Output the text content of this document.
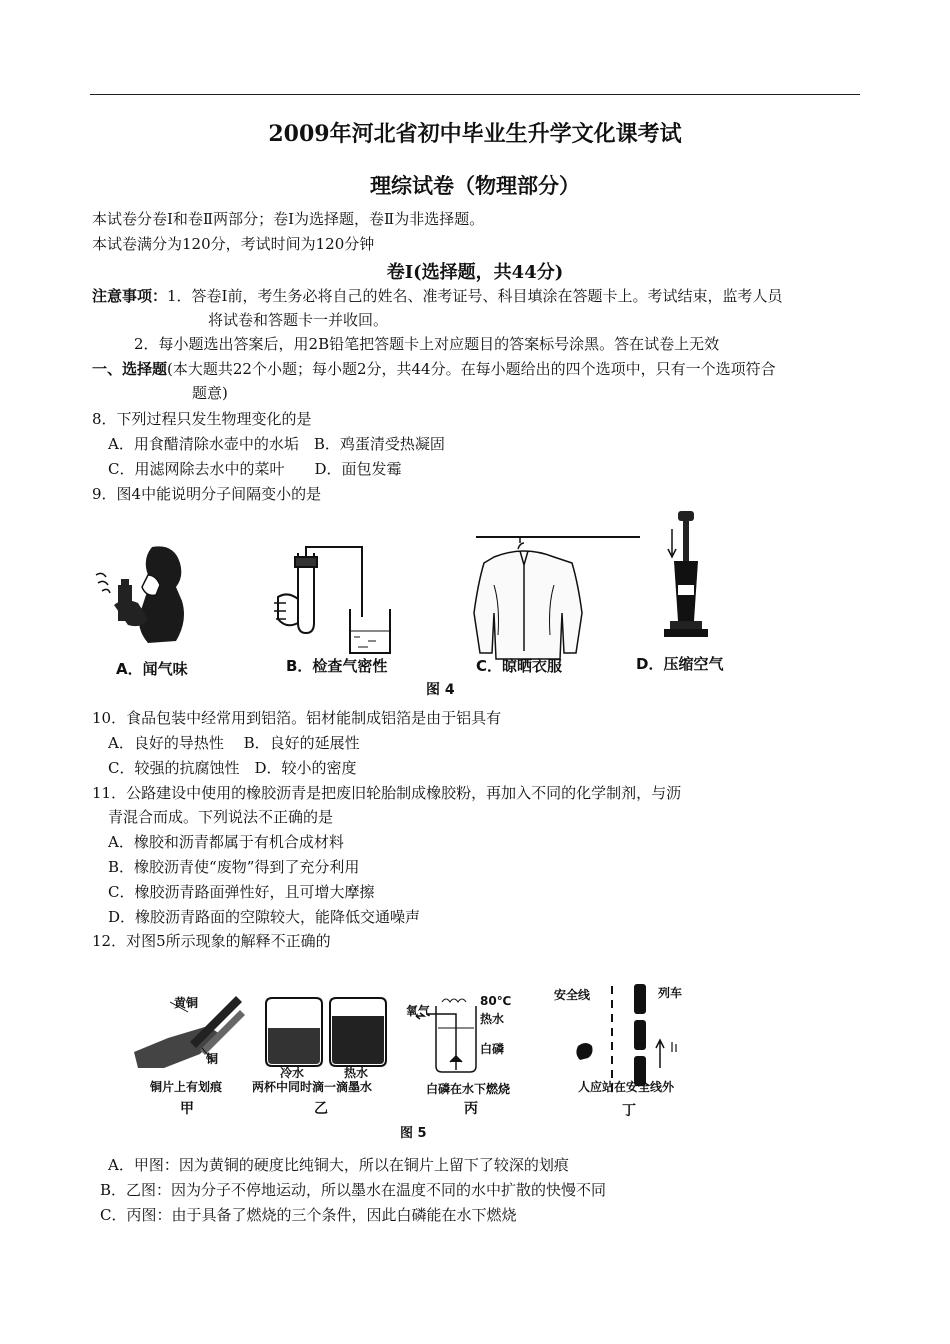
2009年河北省初中毕业生升学文化课考试
理综试卷（物理部分）
本试卷分卷I和卷Ⅱ两部分；卷I为选择题，卷Ⅱ为非选择题。
本试卷满分为120分，考试时间为120分钟
卷Ⅰ(选择题，共44分)
注意事项：1．答卷I前，考生务必将自己的姓名、准考证号、科目填涂在答题卡上。考试结束，监考人员
将试卷和答题卡一并收回。
2．每小题选出答案后，用2B铅笔把答题卡上对应题目的答案标号涂黑。答在试卷上无效
一、选择题(本大题共22个小题；每小题2分，共44分。在每小题给出的四个选项中，只有一个选项符合
题意)
8．下列过程只发生物理变化的是
A．用食醋清除水壶中的水垢　B．鸡蛋清受热凝固
C．用滤网除去水中的菜叶　　D．面包发霉
9．图4中能说明分子间隔变小的是
A．闻气味	B．检查气密性	C．晾晒衣服	D．压缩空气
图 4
10．食品包装中经常用到铝箔。铝材能制成铝箔是由于铝具有
A．良好的导热性　 B．良好的延展性
C．较强的抗腐蚀性　D．较小的密度
11．公路建设中使用的橡胶沥青是把废旧轮胎制成橡胶粉，再加入不同的化学制剂，与沥
青混合而成。下列说法不正确的是
A．橡胶和沥青都属于有机合成材料
B．橡胶沥青使“废物”得到了充分利用
C．橡胶沥青路面弹性好，且可增大摩擦
D．橡胶沥青路面的空隙较大，能降低交通噪声
12．对图5所示现象的解释不正确的
黄铜
铜
铜片上有划痕
甲
冷水	热水
两杯中同时滴一滴墨水
乙
氧气
80℃
热水
白磷
白磷在水下燃烧
丙
安全线	列车
人应站在安全线外
丁
图 5
A．甲图：因为黄铜的硬度比纯铜大，所以在铜片上留下了较深的划痕
B．乙图：因为分子不停地运动，所以墨水在温度不同的水中扩散的快慢不同
C．丙图：由于具备了燃烧的三个条件，因此白磷能在水下燃烧
